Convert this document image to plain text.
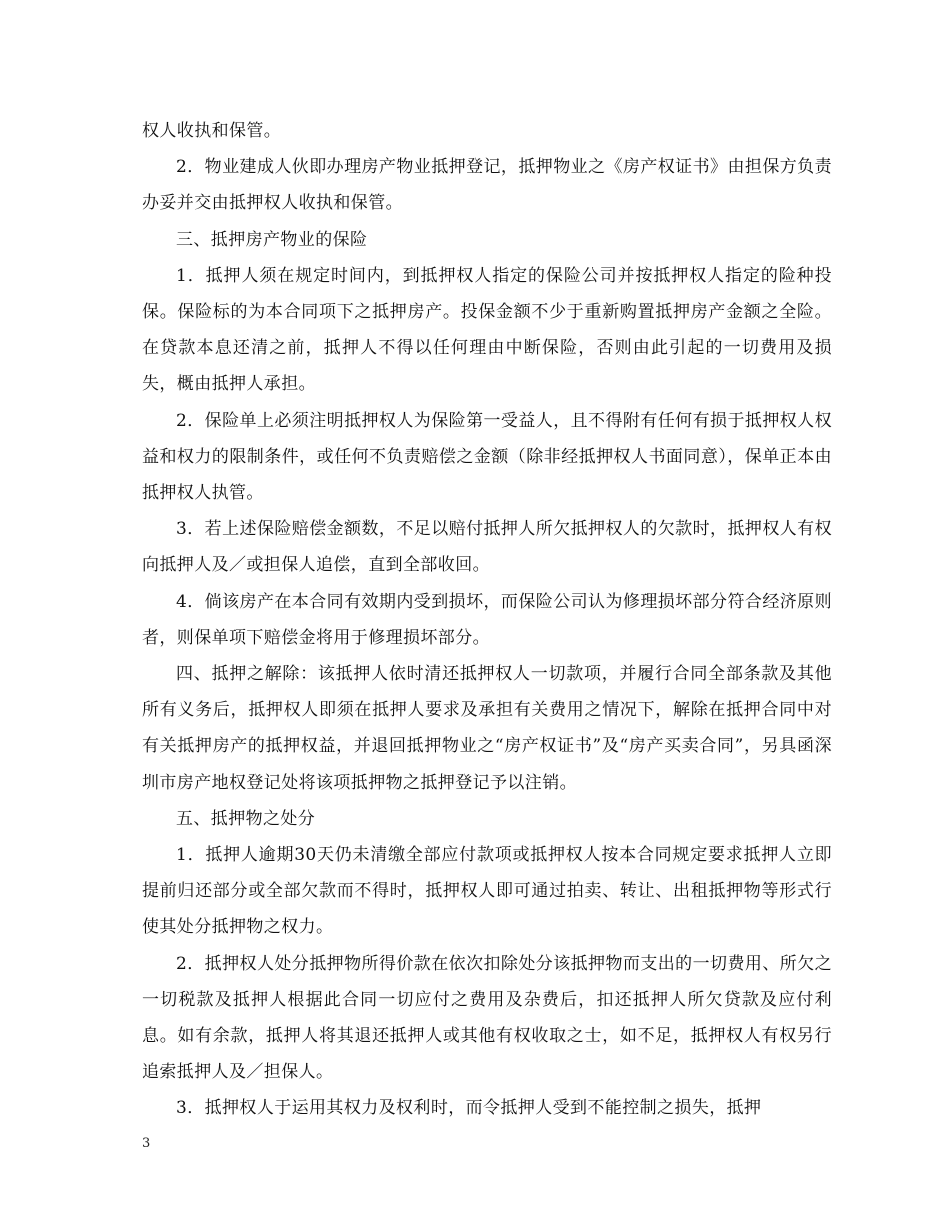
权人收执和保管。

2．物业建成人伙即办理房产物业抵押登记，抵押物业之《房产权证书》由担保方负责办妥并交由抵押权人收执和保管。

三、抵押房产物业的保险

1．抵押人须在规定时间内，到抵押权人指定的保险公司并按抵押权人指定的险种投保。保险标的为本合同项下之抵押房产。投保金额不少于重新购置抵押房产金额之全险。在贷款本息还清之前，抵押人不得以任何理由中断保险，否则由此引起的一切费用及损失，概由抵押人承担。

2．保险单上必须注明抵押权人为保险第一受益人，且不得附有任何有损于抵押权人权益和权力的限制条件，或任何不负责赔偿之金额（除非经抵押权人书面同意），保单正本由抵押权人执管。

3．若上述保险赔偿金额数，不足以赔付抵押人所欠抵押权人的欠款时，抵押权人有权向抵押人及／或担保人追偿，直到全部收回。

4．倘该房产在本合同有效期内受到损坏，而保险公司认为修理损坏部分符合经济原则者，则保单项下赔偿金将用于修理损坏部分。

四、抵押之解除：该抵押人依时清还抵押权人一切款项，并履行合同全部条款及其他所有义务后，抵押权人即须在抵押人要求及承担有关费用之情况下，解除在抵押合同中对有关抵押房产的抵押权益，并退回抵押物业之“房产权证书”及“房产买卖合同”，另具函深圳市房产地权登记处将该项抵押物之抵押登记予以注销。

五、抵押物之处分

1．抵押人逾期30天仍未清缴全部应付款项或抵押权人按本合同规定要求抵押人立即提前归还部分或全部欠款而不得时，抵押权人即可通过拍卖、转让、出租抵押物等形式行使其处分抵押物之权力。

2．抵押权人处分抵押物所得价款在依次扣除处分该抵押物而支出的一切费用、所欠之一切税款及抵押人根据此合同一切应付之费用及杂费后，扣还抵押人所欠贷款及应付利息。如有余款，抵押人将其退还抵押人或其他有权收取之士，如不足，抵押权人有权另行追索抵押人及／担保人。

3．抵押权人于运用其权力及权利时，而令抵押人受到不能控制之损失，抵押

3
